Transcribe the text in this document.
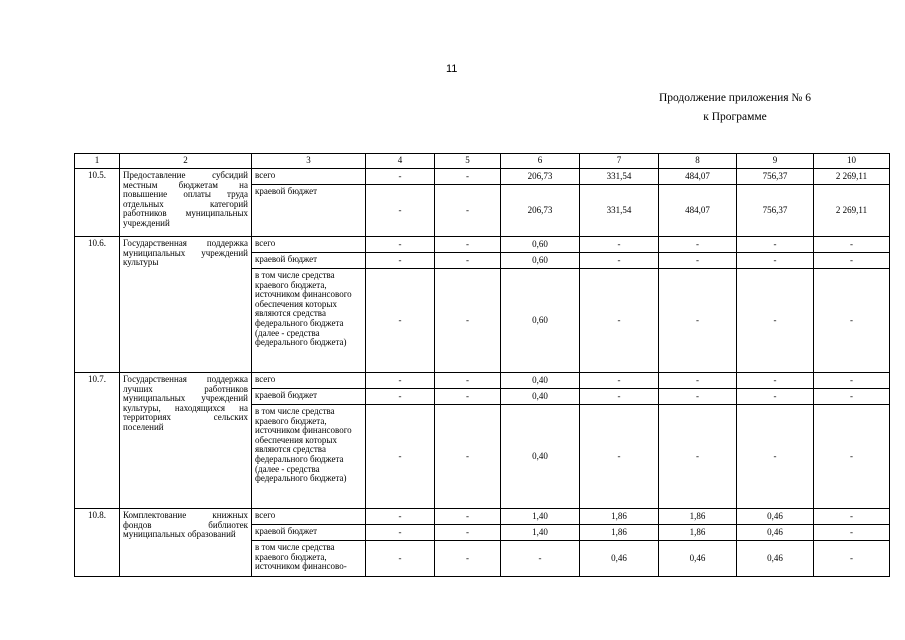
11
Продолжение приложения № 6
к Программе
1	2	3	4	5	6	7	8	9	10
10.5.	Предоставление субсидий местным бюджетам на повышение оплаты труда отдельных категорий работников муниципальных учреждений	всего	-	-	206,73	331,54	484,07	756,37	2 269,11
		краевой бюджет	-	-	206,73	331,54	484,07	756,37	2 269,11
10.6.	Государственная поддержка муниципальных учреждений культуры	всего	-	-	0,60	-	-	-	-
		краевой бюджет	-	-	0,60	-	-	-	-
		в том числе средства краевого бюджета, источником финансового обеспечения которых являются средства федерального бюджета (далее - средства федерального бюджета)	-	-	0,60	-	-	-	-
10.7.	Государственная поддержка лучших работников муниципальных учреждений культуры, находящихся на территориях сельских поселений	всего	-	-	0,40	-	-	-	-
		краевой бюджет	-	-	0,40	-	-	-	-
		в том числе средства краевого бюджета, источником финансового обеспечения которых являются средства федерального бюджета (далее - средства федерального бюджета)	-	-	0,40	-	-	-	-
10.8.	Комплектование книжных фондов библиотек муниципальных образований	всего	-	-	1,40	1,86	1,86	0,46	-
		краевой бюджет	-	-	1,40	1,86	1,86	0,46	-
		в том числе средства краевого бюджета, источником финансово-	-	-	-	0,46	0,46	0,46	-
